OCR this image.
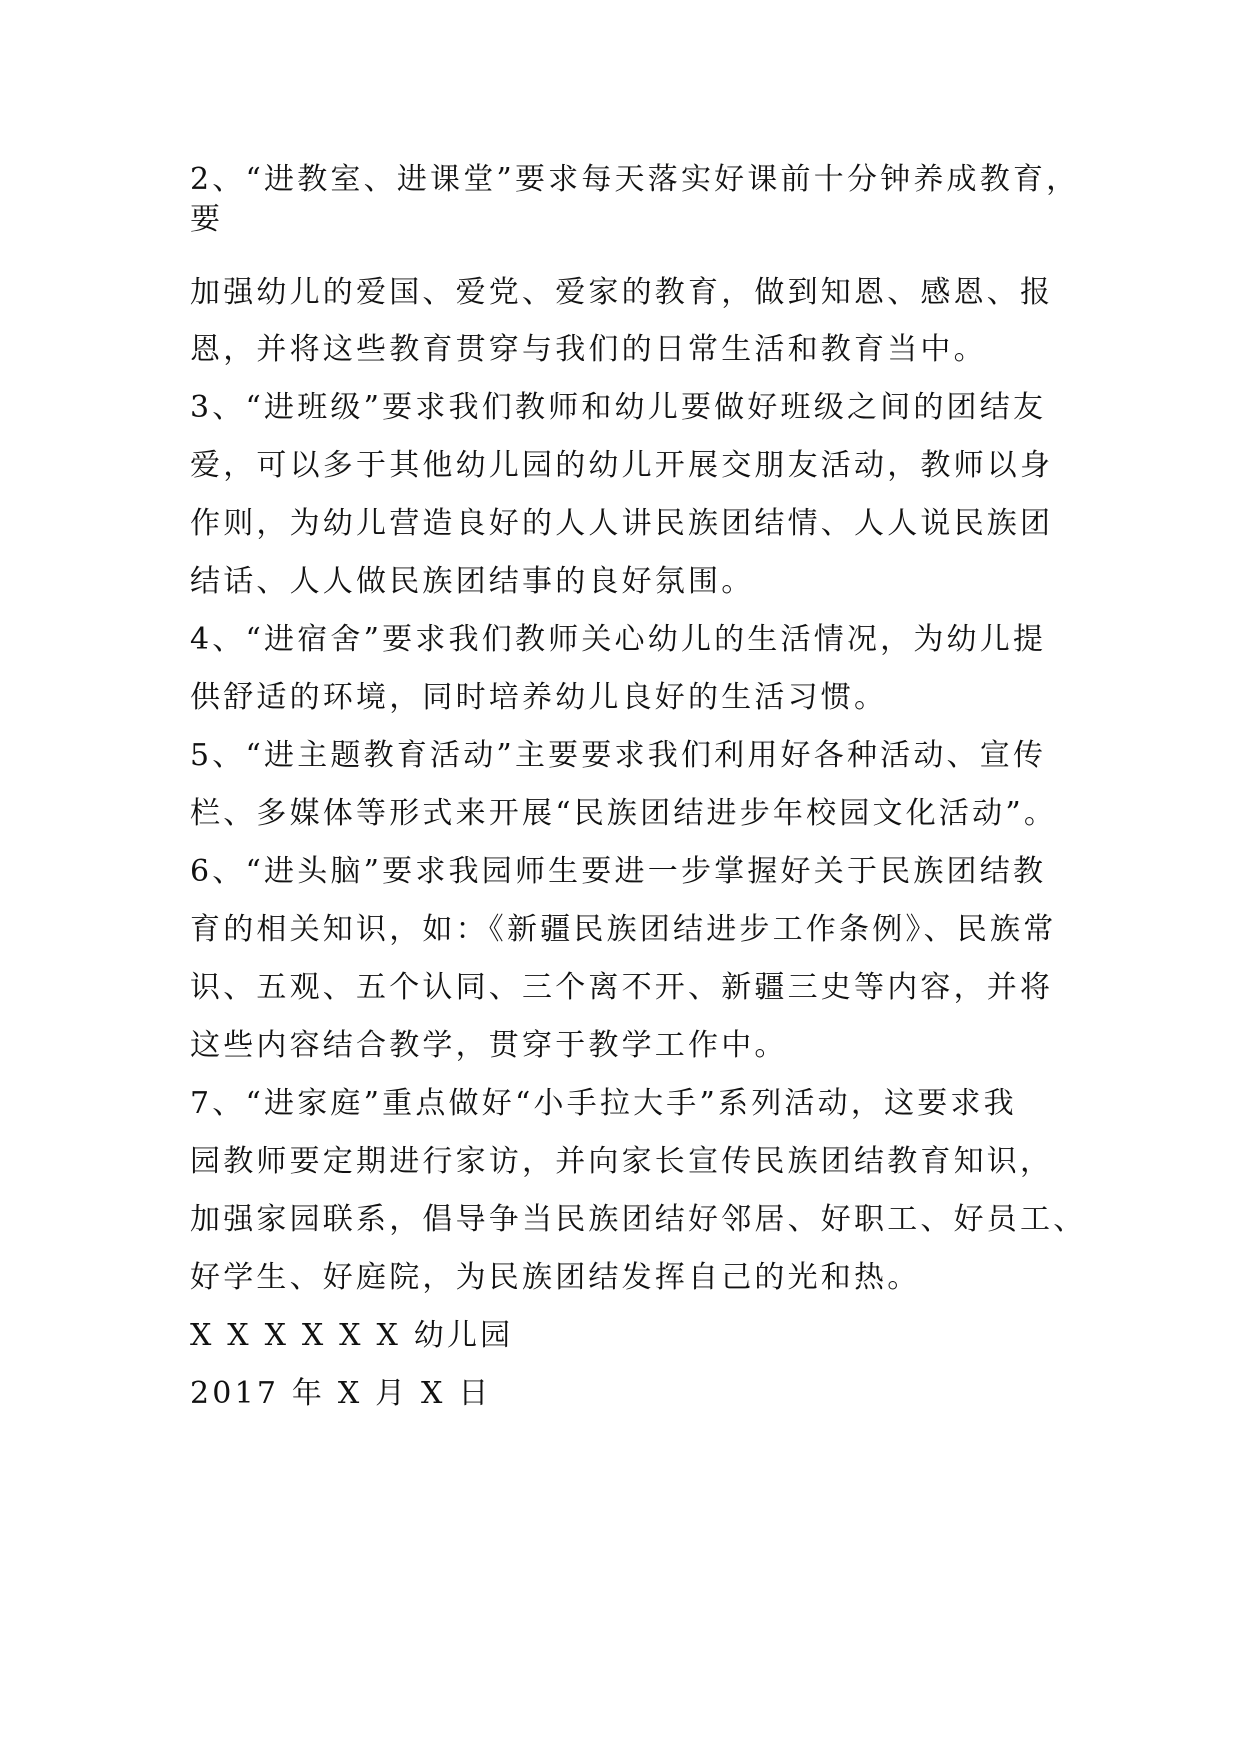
2、“进教室、进课堂”要求每天落实好课前十分钟养成教育，

要

加强幼儿的爱国、爱党、爱家的教育，做到知恩、感恩、报

恩，并将这些教育贯穿与我们的日常生活和教育当中。

3、“进班级”要求我们教师和幼儿要做好班级之间的团结友

爱，可以多于其他幼儿园的幼儿开展交朋友活动，教师以身

作则，为幼儿营造良好的人人讲民族团结情、人人说民族团

结话、人人做民族团结事的良好氛围。

4、“进宿舍”要求我们教师关心幼儿的生活情况，为幼儿提

供舒适的环境，同时培养幼儿良好的生活习惯。

5、“进主题教育活动”主要要求我们利用好各种活动、宣传

栏、多媒体等形式来开展“民族团结进步年校园文化活动”。

6、“进头脑”要求我园师生要进一步掌握好关于民族团结教

育的相关知识，如：《新疆民族团结进步工作条例》、民族常

识、五观、五个认同、三个离不开、新疆三史等内容，并将

这些内容结合教学，贯穿于教学工作中。

7、“进家庭”重点做好“小手拉大手”系列活动，这要求我

园教师要定期进行家访，并向家长宣传民族团结教育知识，

加强家园联系，倡导争当民族团结好邻居、好职工、好员工、

好学生、好庭院，为民族团结发挥自己的光和热。

X X X X X X 幼儿园

2017 年 X 月 X 日
